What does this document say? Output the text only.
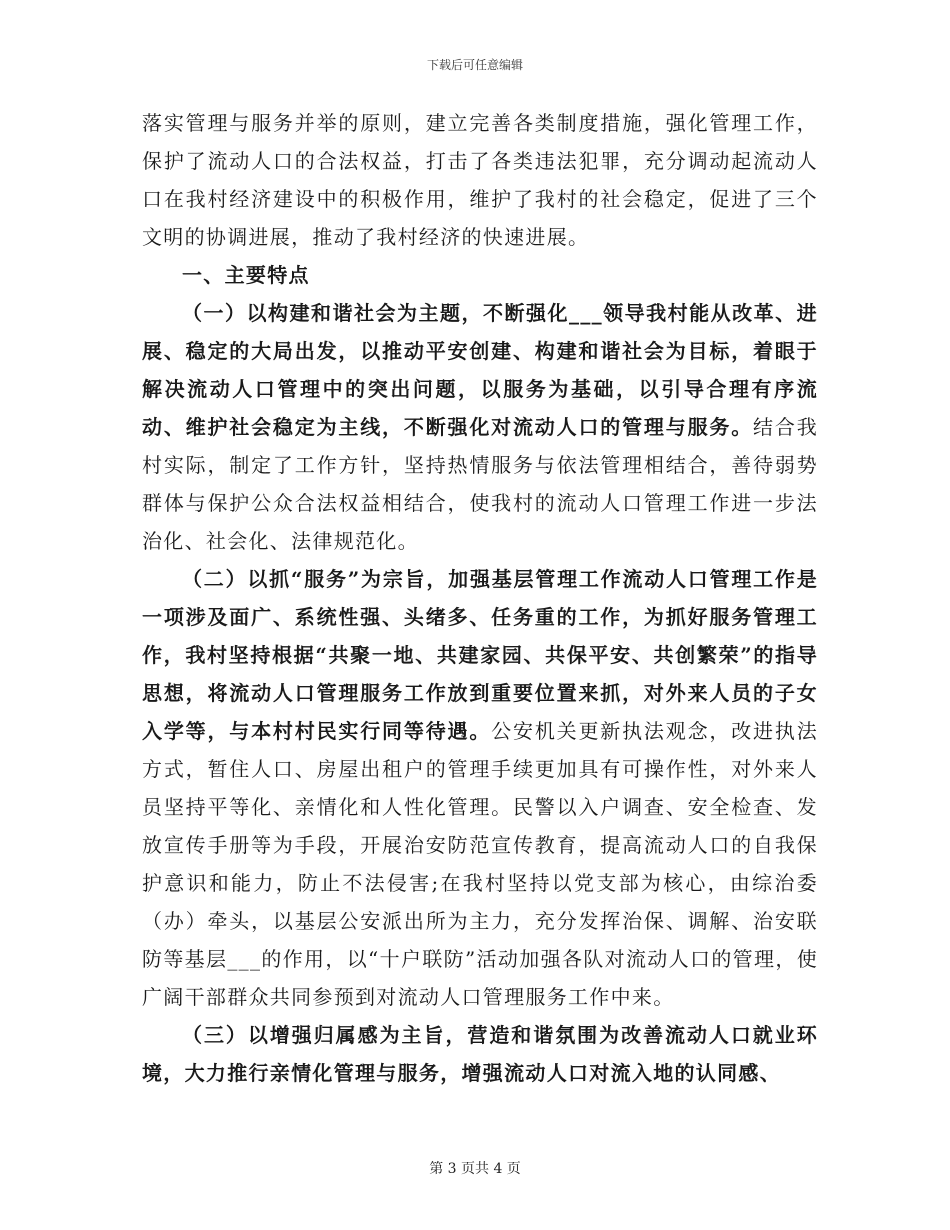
下载后可任意编辑

落实管理与服务并举的原则，建立完善各类制度措施，强化管理工作，保护了流动人口的合法权益，打击了各类违法犯罪，充分调动起流动人口在我村经济建设中的积极作用，维护了我村的社会稳定，促进了三个文明的协调进展，推动了我村经济的快速进展。

一、主要特点

（一）以构建和谐社会为主题，不断强化___领导我村能从改革、进展、稳定的大局出发，以推动平安创建、构建和谐社会为目标，着眼于解决流动人口管理中的突出问题，以服务为基础，以引导合理有序流动、维护社会稳定为主线，不断强化对流动人口的管理与服务。结合我村实际，制定了工作方针，坚持热情服务与依法管理相结合，善待弱势群体与保护公众合法权益相结合，使我村的流动人口管理工作进一步法治化、社会化、法律规范化。

（二）以抓“服务”为宗旨，加强基层管理工作流动人口管理工作是一项涉及面广、系统性强、头绪多、任务重的工作，为抓好服务管理工作，我村坚持根据“共聚一地、共建家园、共保平安、共创繁荣”的指导思想，将流动人口管理服务工作放到重要位置来抓，对外来人员的子女入学等，与本村村民实行同等待遇。公安机关更新执法观念，改进执法方式，暂住人口、房屋出租户的管理手续更加具有可操作性，对外来人员坚持平等化、亲情化和人性化管理。民警以入户调查、安全检查、发放宣传手册等为手段，开展治安防范宣传教育，提高流动人口的自我保护意识和能力，防止不法侵害;在我村坚持以党支部为核心，由综治委（办）牵头，以基层公安派出所为主力，充分发挥治保、调解、治安联防等基层___的作用，以“十户联防”活动加强各队对流动人口的管理，使广阔干部群众共同参预到对流动人口管理服务工作中来。

（三）以增强归属感为主旨，营造和谐氛围为改善流动人口就业环境，大力推行亲情化管理与服务，增强流动人口对流入地的认同感、

第 3 页共 4 页
